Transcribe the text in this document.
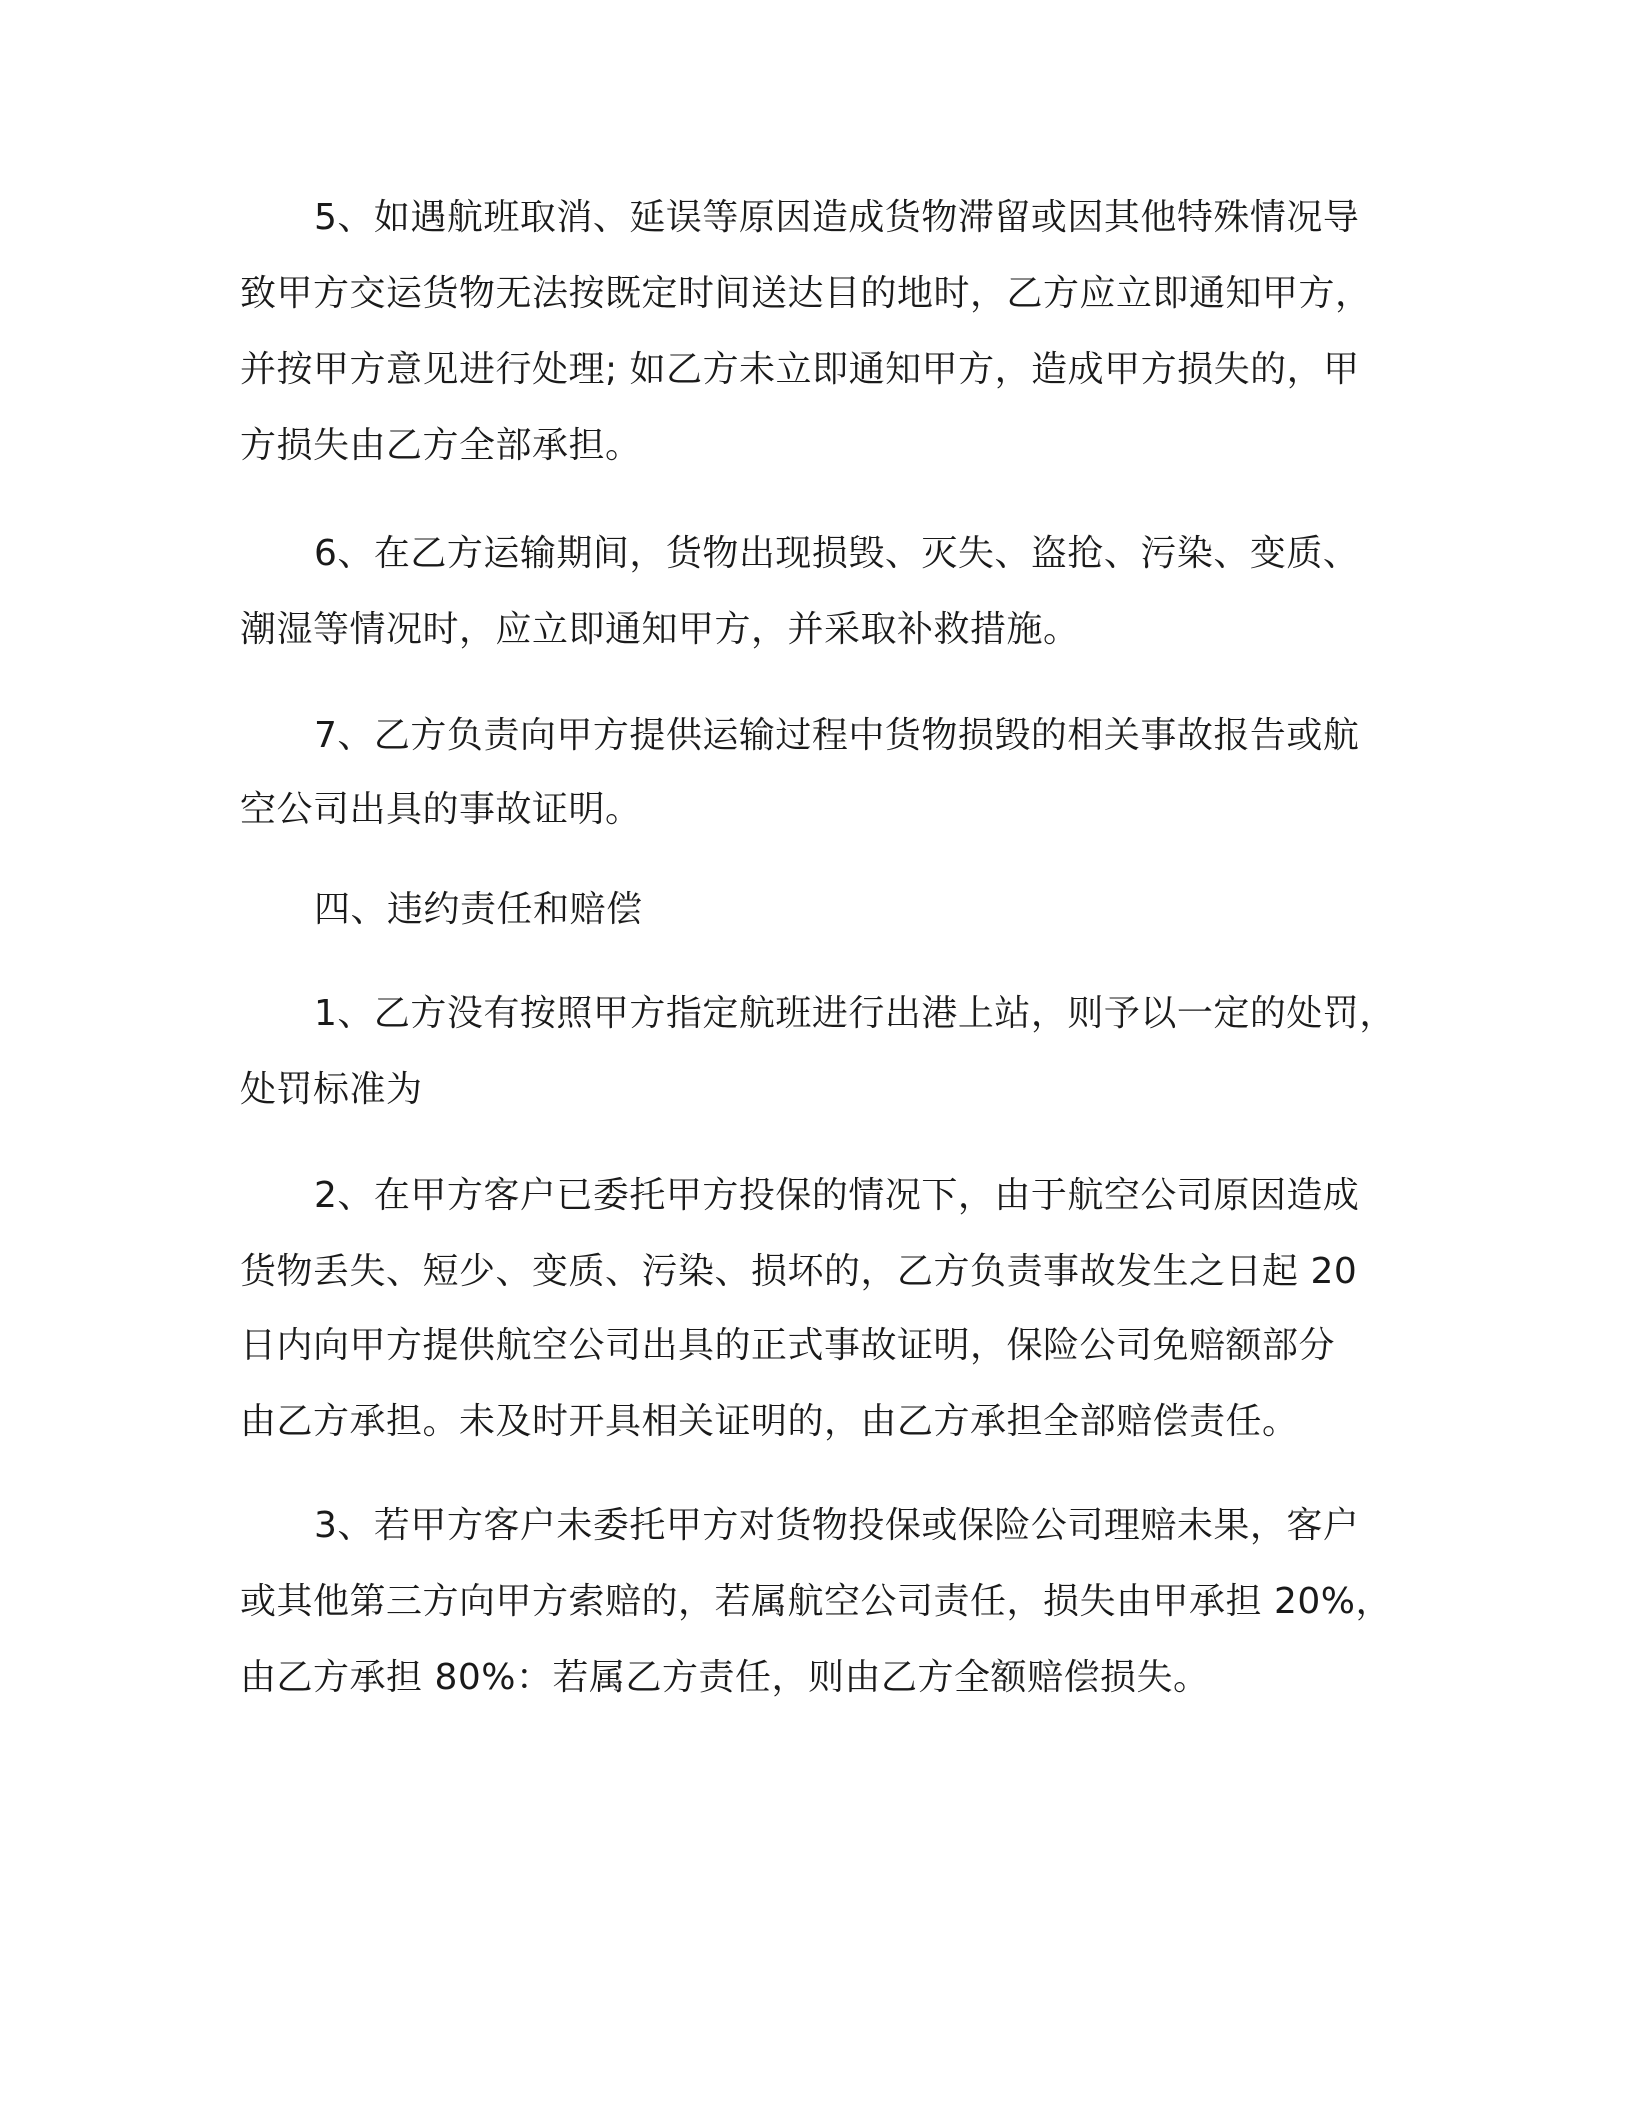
5、如遇航班取消、延误等原因造成货物滞留或因其他特殊情况导
致甲方交运货物无法按既定时间送达目的地时，乙方应立即通知甲方，
并按甲方意见进行处理; 如乙方未立即通知甲方，造成甲方损失的，甲
方损失由乙方全部承担。
6、在乙方运输期间，货物出现损毁、灭失、盗抢、污染、变质、
潮湿等情况时，应立即通知甲方，并采取补救措施。
7、乙方负责向甲方提供运输过程中货物损毁的相关事故报告或航
空公司出具的事故证明。
四、违约责任和赔偿
1、乙方没有按照甲方指定航班进行出港上站，则予以一定的处罚，
处罚标准为
2、在甲方客户已委托甲方投保的情况下，由于航空公司原因造成
货物丢失、短少、变质、污染、损坏的，乙方负责事故发生之日起 20
日内向甲方提供航空公司出具的正式事故证明，保险公司免赔额部分
由乙方承担。未及时开具相关证明的，由乙方承担全部赔偿责任。
3、若甲方客户未委托甲方对货物投保或保险公司理赔未果，客户
或其他第三方向甲方索赔的，若属航空公司责任，损失由甲承担 20%，
由乙方承担 80%：若属乙方责任，则由乙方全额赔偿损失。
